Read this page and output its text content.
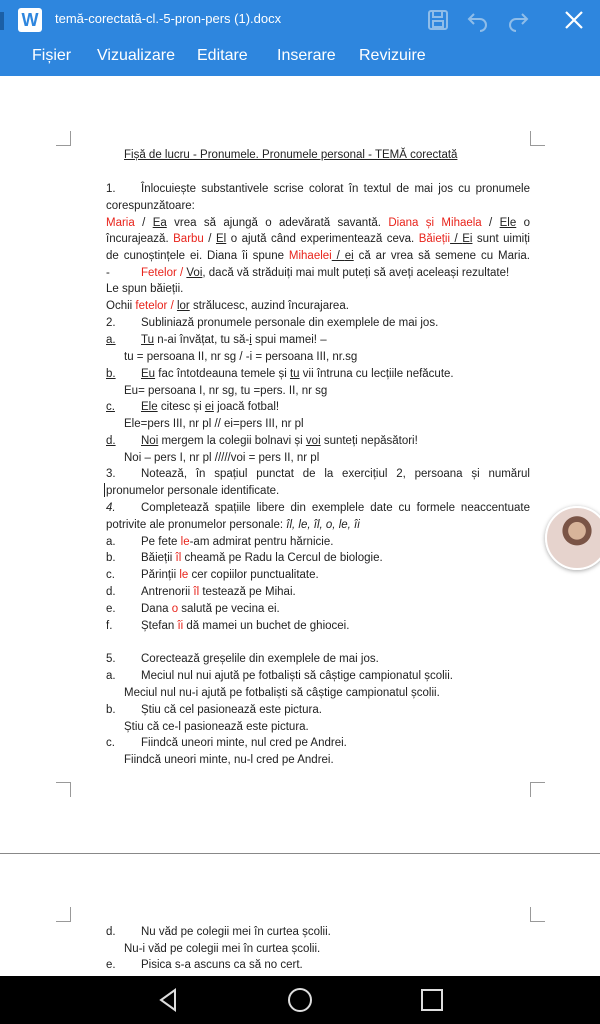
W temă-corectată-cl.-5-pron-pers (1).docx
Fișier Vizualizare Editare Inserare Revizuire
Fișă de lucru - Pronumele. Pronumele personal - TEMĂ corectată
1. Înlocuiește substantivele scrise colorat în textul de mai jos cu pronumele
corespunzătoare:
Maria / Ea vrea să ajungă o adevărată savantă. Diana și Mihaela / Ele o
încurajează. Barbu / El o ajută când experimentează ceva. Băieții / Ei sunt uimiți
de cunoștințele ei. Diana îi spune Mihaelei / ei că ar vrea să semene cu Maria.
-	Fetelor / Voi, dacă vă străduiți mai mult puteți să aveți aceleași rezultate!
Le spun băieții.
Ochii fetelor / lor strălucesc, auzind încurajarea.
2. Subliniază pronumele personale din exemplele de mai jos.
a. Tu n-ai învățat, tu să-i spui mamei! –
tu = persoana II, nr sg / -i = persoana III, nr.sg
b. Eu fac întotdeauna temele și tu vii întruna cu lecțiile nefăcute.
Eu= persoana I, nr sg, tu =pers. II, nr sg
c. Ele citesc și ei joacă fotbal!
Ele=pers III, nr pl // ei=pers III, nr pl
d. Noi mergem la colegii bolnavi și voi sunteți nepăsători!
Noi – pers I, nr pl /////voi = pers II, nr pl
3. Notează, în spațiul punctat de la exercițiul 2, persoana și numărul
pronumelor personale identificate.
4. Completează spațiile libere din exemplele date cu formele neaccentuate
potrivite ale pronumelor personale: îl, le, îl, o, le, îi
a. Pe fete le-am admirat pentru hărnicie.
b. Băieții îl cheamă pe Radu la Cercul de biologie.
c. Părinții le cer copiilor punctualitate.
d. Antrenorii îl testează pe Mihai.
e. Dana o salută pe vecina ei.
f. Ștefan îi dă mamei un buchet de ghiocei.
5. Corectează greșelile din exemplele de mai jos.
a. Meciul nul nui ajută pe fotbaliști să câștige campionatul școlii.
Meciul nul nu-i ajută pe fotbaliști să câștige campionatul școlii.
b. Știu că cel pasionează este pictura.
Știu că ce-l pasionează este pictura.
c. Fiindcă uneori minte, nul cred pe Andrei.
Fiindcă uneori minte, nu-l cred pe Andrei.
d. Nu văd pe colegii mei în curtea școlii.
Nu-i văd pe colegii mei în curtea școlii.
e. Pisica s-a ascuns ca să no cert.
